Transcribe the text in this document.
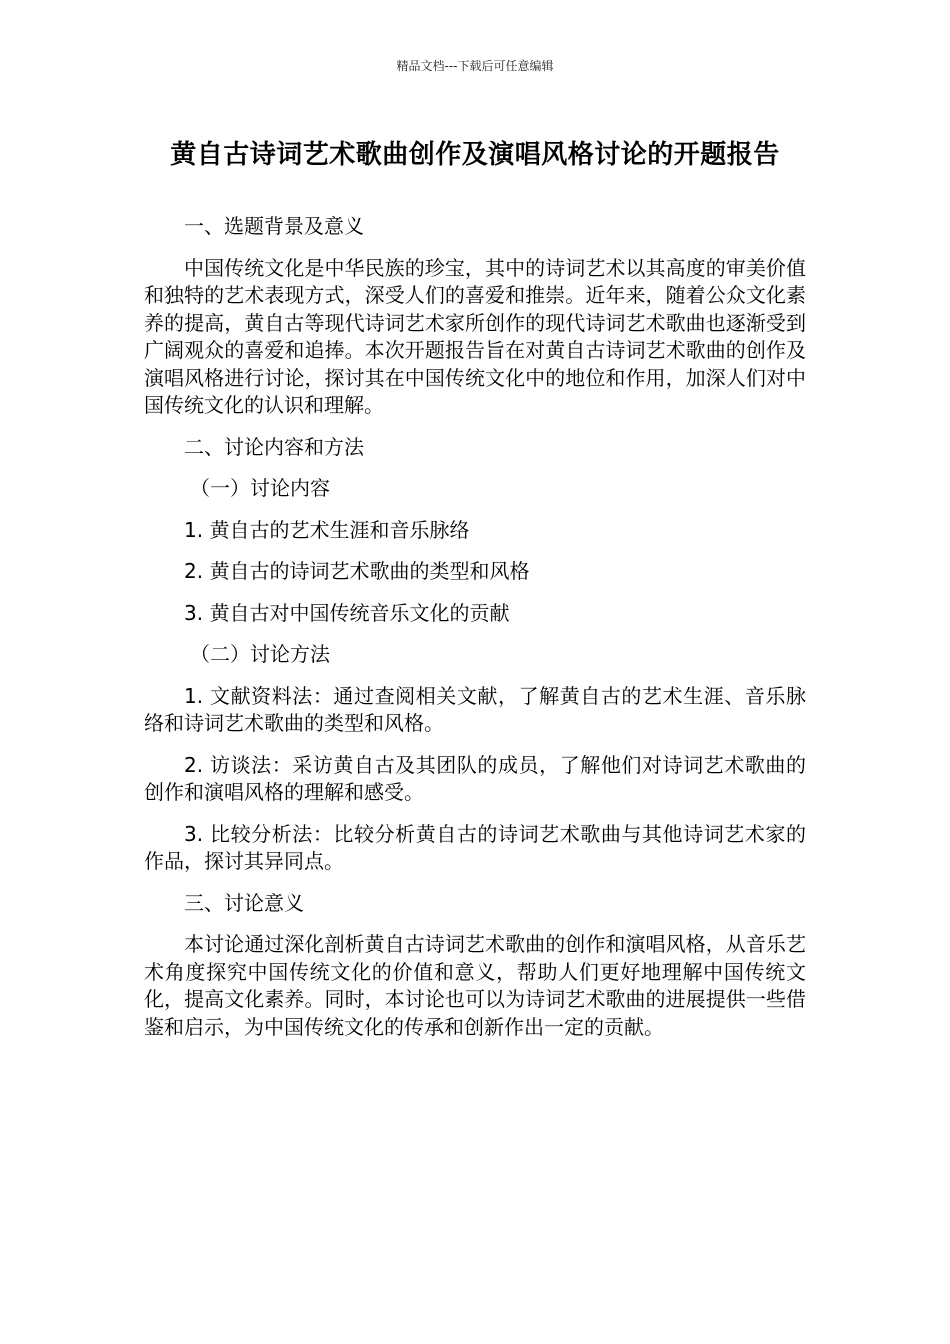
精品文档---下载后可任意编辑
黄自古诗词艺术歌曲创作及演唱风格讨论的开题报告

一、选题背景及意义

中国传统文化是中华民族的珍宝，其中的诗词艺术以其高度的审美价值和独特的艺术表现方式，深受人们的喜爱和推崇。近年来，随着公众文化素养的提高，黄自古等现代诗词艺术家所创作的现代诗词艺术歌曲也逐渐受到广阔观众的喜爱和追捧。本次开题报告旨在对黄自古诗词艺术歌曲的创作及演唱风格进行讨论，探讨其在中国传统文化中的地位和作用，加深人们对中国传统文化的认识和理解。

二、讨论内容和方法

（一）讨论内容

1. 黄自古的艺术生涯和音乐脉络

2. 黄自古的诗词艺术歌曲的类型和风格

3. 黄自古对中国传统音乐文化的贡献

（二）讨论方法

1. 文献资料法：通过查阅相关文献，了解黄自古的艺术生涯、音乐脉络和诗词艺术歌曲的类型和风格。

2. 访谈法：采访黄自古及其团队的成员，了解他们对诗词艺术歌曲的创作和演唱风格的理解和感受。

3. 比较分析法：比较分析黄自古的诗词艺术歌曲与其他诗词艺术家的作品，探讨其异同点。

三、讨论意义

本讨论通过深化剖析黄自古诗词艺术歌曲的创作和演唱风格，从音乐艺术角度探究中国传统文化的价值和意义，帮助人们更好地理解中国传统文化，提高文化素养。同时，本讨论也可以为诗词艺术歌曲的进展提供一些借鉴和启示，为中国传统文化的传承和创新作出一定的贡献。
